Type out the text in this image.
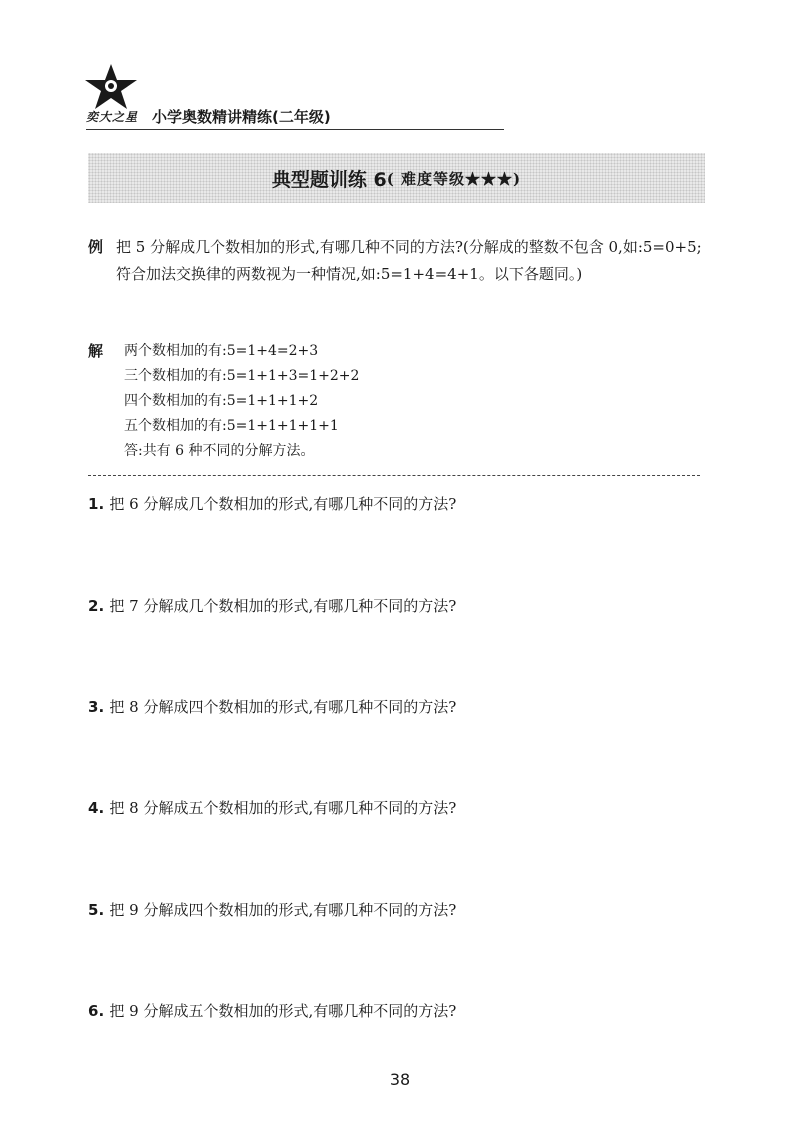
奕大之星 小学奥数精讲精练(二年级)
典型题训练 6 ( 难度等级★★★)
例 把 5 分解成几个数相加的形式,有哪几种不同的方法?(分解成的整数不包含 0,如:5=0+5;符合加法交换律的两数视为一种情况,如:5=1+4=4+1。以下各题同。)
解 两个数相加的有:5=1+4=2+3
三个数相加的有:5=1+1+3=1+2+2
四个数相加的有:5=1+1+1+2
五个数相加的有:5=1+1+1+1+1
答:共有 6 种不同的分解方法。
1. 把 6 分解成几个数相加的形式,有哪几种不同的方法?
2. 把 7 分解成几个数相加的形式,有哪几种不同的方法?
3. 把 8 分解成四个数相加的形式,有哪几种不同的方法?
4. 把 8 分解成五个数相加的形式,有哪几种不同的方法?
5. 把 9 分解成四个数相加的形式,有哪几种不同的方法?
6. 把 9 分解成五个数相加的形式,有哪几种不同的方法?
38
